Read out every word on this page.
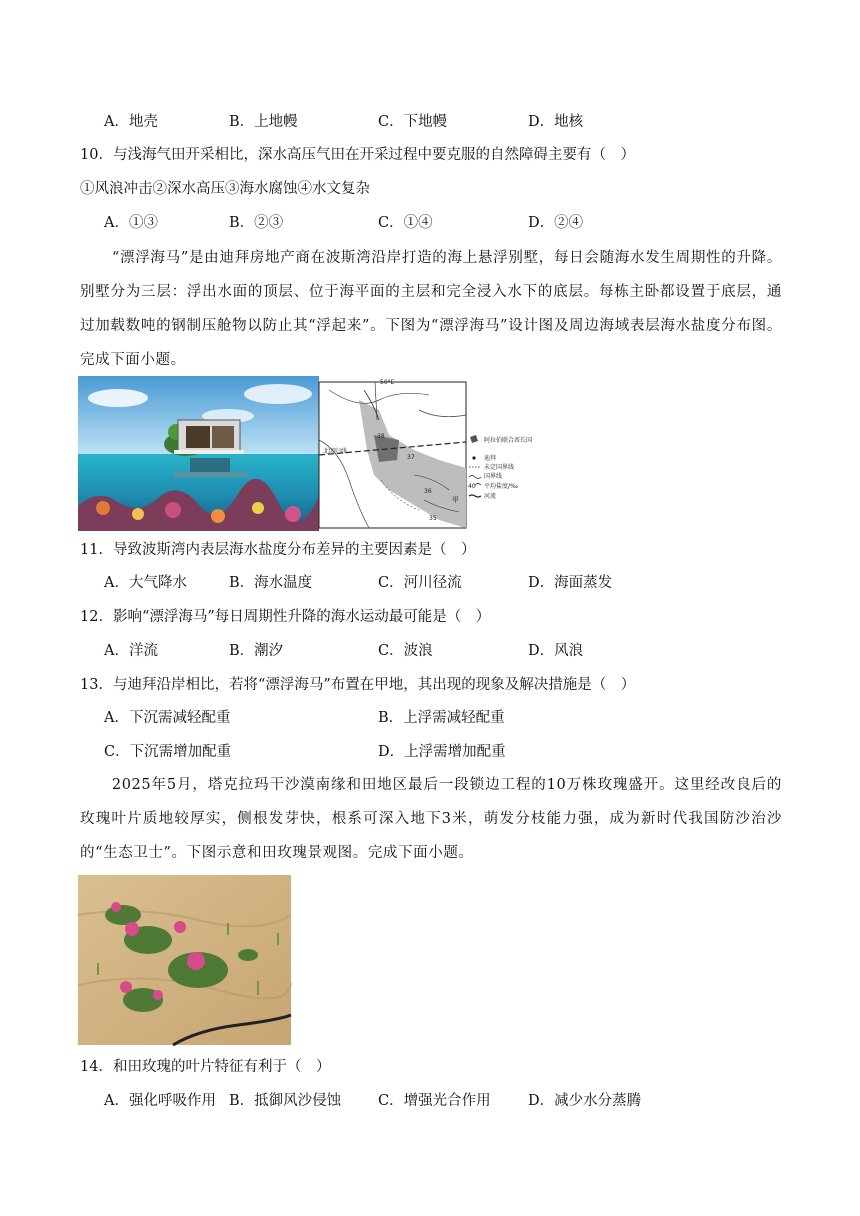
A．地壳	B．上地幔	C．下地幔	D．地核
10．与浅海气田开采相比，深水高压气田在开采过程中要克服的自然障碍主要有（　）
①风浪冲击②深水高压③海水腐蚀④水文复杂
A．①③	B．②③	C．①④	D．②④
“漂浮海马”是由迪拜房地产商在波斯湾沿岸打造的海上悬浮别墅，每日会随海水发生周期性的升降。别墅分为三层：浮出水面的顶层、位于海平面的主层和完全浸入水下的底层。每栋主卧都设置于底层，通过加载数吨的钢制压舱物以防止其“浮起来”。下图为“漂浮海马”设计图及周边海域表层海水盐度分布图。完成下面小题。
50°E
北回归线
甲
37
36
35
38
阿拉伯联合酋长国
迪拜
未定国界线
国界线
40 平均盐度/‰
河流
11．导致波斯湾内表层海水盐度分布差异的主要因素是（　）
A．大气降水	B．海水温度	C．河川径流	D．海面蒸发
12．影响“漂浮海马”每日周期性升降的海水运动最可能是（　）
A．洋流	B．潮汐	C．波浪	D．风浪
13．与迪拜沿岸相比，若将“漂浮海马”布置在甲地，其出现的现象及解决措施是（　）
A．下沉需减轻配重	B．上浮需减轻配重
C．下沉需增加配重	D．上浮需增加配重
2025年5月，塔克拉玛干沙漠南缘和田地区最后一段锁边工程的10万株玫瑰盛开。这里经改良后的玫瑰叶片质地较厚实，侧根发芽快，根系可深入地下3米，萌发分枝能力强，成为新时代我国防沙治沙的“生态卫士”。下图示意和田玫瑰景观图。完成下面小题。
14．和田玫瑰的叶片特征有利于（　）
A．强化呼吸作用 B．抵御风沙侵蚀	C．增强光合作用	D．减少水分蒸腾
